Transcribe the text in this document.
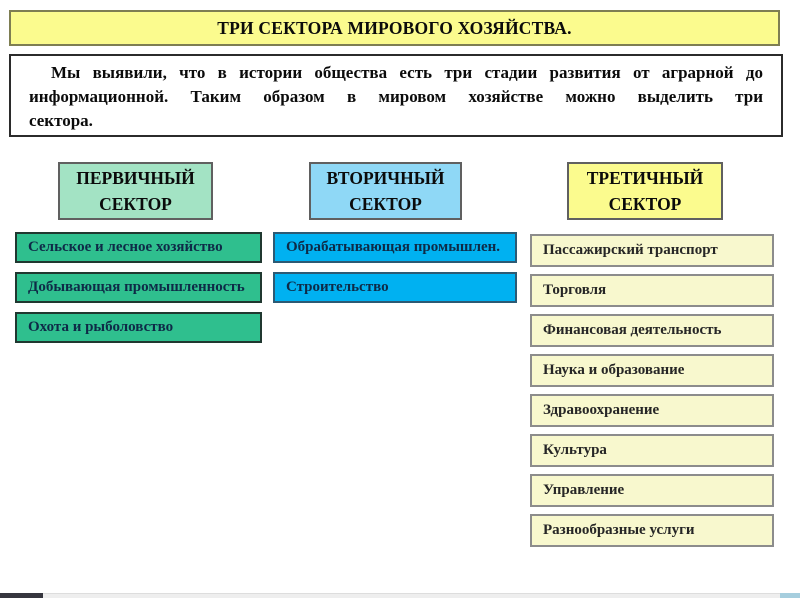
ТРИ СЕКТОРА МИРОВОГО ХОЗЯЙСТВА.
Мы выявили, что в истории общества есть три стадии развития от аграрной до
информационной. Таким образом в мировом хозяйстве можно выделить три
сектора.
ПЕРВИЧНЫЙ СЕКТОР
ВТОРИЧНЫЙ СЕКТОР
ТРЕТИЧНЫЙ СЕКТОР
Сельское и лесное хозяйство
Добывающая промышленность
Охота и рыболовство
Обрабатывающая промышлен.
Строительство
Пассажирский транспорт
Торговля
Финансовая деятельность
Наука и образование
Здравоохранение
Культура
Управление
Разнообразные услуги
